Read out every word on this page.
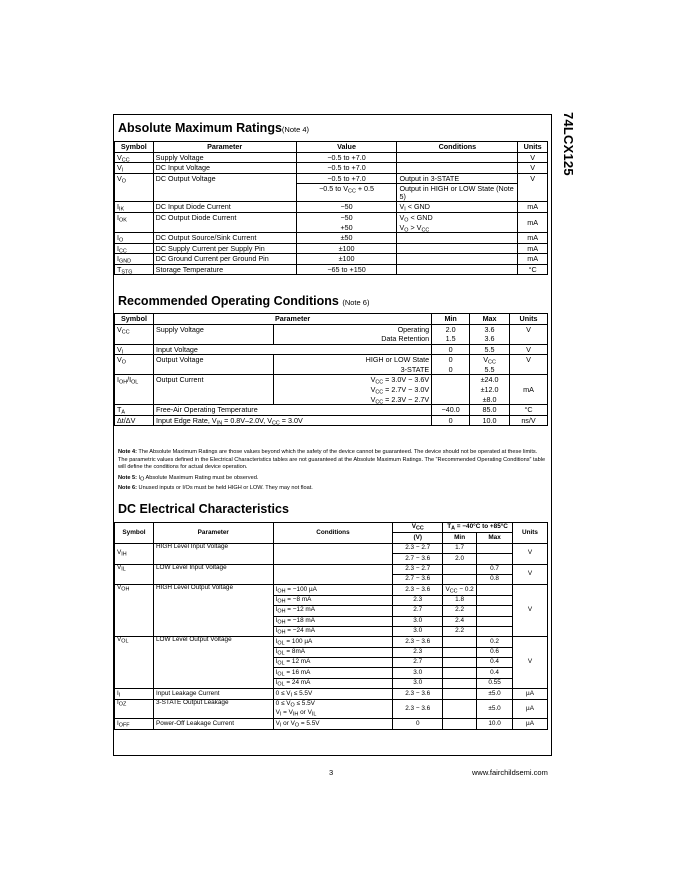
74LCX125
Absolute Maximum Ratings(Note 4)
Symbol	Parameter	Value	Conditions	Units
$V_{CC}$	Supply Voltage	−0.5 to +7.0		V
$V_I$	DC Input Voltage	−0.5 to +7.0		V
$V_O$	DC Output Voltage	−0.5 to +7.0	Output in 3-STATE	V
		−0.5 to $V_{CC} + 0.5$	Output in HIGH or LOW State (Note 5)	
$I_{IK}$	DC Input Diode Current	−50	$V_I$ < GND	mA
$I_{OK}$	DC Output Diode Current	−50	$V_O$ < GND	mA
		+50	$V_O > V_{CC}$
$I_O$	DC Output Source/Sink Current	±50		mA
$I_{CC}$	DC Supply Current per Supply Pin	±100		mA
$I_{GND}$	DC Ground Current per Ground Pin	±100		mA
$T_{STG}$	Storage Temperature	−65 to +150		°C
Recommended Operating Conditions (Note 6)
Symbol	Parameter		Min	Max	Units
$V_{CC}$	Supply Voltage	Operating	2.0	3.6	V
		Data Retention	1.5	3.6	
$V_I$	Input Voltage		0	5.5	V
$V_O$	Output Voltage	HIGH or LOW State	0	$V_{CC}$	V
		3-STATE	0	5.5	
$I_{OH}/I_{OL}$	Output Current	$V_{CC} = 3.0V - 3.6V$		±24.0	mA
		$V_{CC} = 2.7V - 3.0V$		±12.0	
		$V_{CC} = 2.3V - 2.7V$		±8.0	
$T_A$	Free-Air Operating Temperature		−40.0	85.0	°C
Δt/ΔV	Input Edge Rate, $V_{IN} = 0.8V-2.0V$, $V_{CC} = 3.0V$		0	10.0	ns/V

Note 4: The Absolute Maximum Ratings are those values beyond which the safety of the device cannot be guaranteed. The device should not be operated at these limits. The parametric values defined in the Electrical Characteristics tables are not guaranteed at the Absolute Maximum Ratings. The “Recommended Operating Conditions” table will define the conditions for actual device operation.

Note 5: $I_O$ Absolute Maximum Rating must be observed.

Note 6: Unused inputs or I/Os must be held HIGH or LOW. They may not float.

DC Electrical Characteristics
Symbol	Parameter	Conditions	$V_{CC}$	$T_A = -40^\circ C$ to +85°C		Units
			(V)	Min	Max	
$V_{IH}$	HIGH Level Input Voltage		2.3 − 2.7	1.7		V
			2.7 − 3.6	2.0		
$V_{IL}$	LOW Level Input Voltage		2.3 − 2.7		0.7	V
			2.7 − 3.6		0.8	
$V_{OH}$	HIGH Level Output Voltage	$I_{OH} = -100$ µA	2.3 − 3.6	$V_{CC} - 0.2$		V
		$I_{OH} = -8$ mA	2.3	1.8		
		$I_{OH} = -12$ mA	2.7	2.2		
		$I_{OH} = -18$ mA	3.0	2.4		
		$I_{OH} = -24$ mA	3.0	2.2		
$V_{OL}$	LOW Level Output Voltage	$I_{OL} = 100$ µA	2.3 − 3.6		0.2	V
		$I_{OL} = 8mA$	2.3		0.6	
		$I_{OL} = 12$ mA	2.7		0.4	
		$I_{OL} = 16$ mA	3.0		0.4	
		$I_{OL} = 24$ mA	3.0		0.55	
$I_I$	Input Leakage Current	$0 \le V_I \le 5.5V$	2.3 − 3.6		±5.0	µA
$I_{OZ}$	3-STATE Output Leakage	$0 \le V_O \le 5.5V$	2.3 − 3.6		±5.0	µA
		$V_I = V_{IH}$ or $V_{IL}$
$I_{OFF}$	Power-Off Leakage Current	$V_I$ or $V_O = 5.5V$	0		10.0	µA
3	www.fairchildsemi.com
